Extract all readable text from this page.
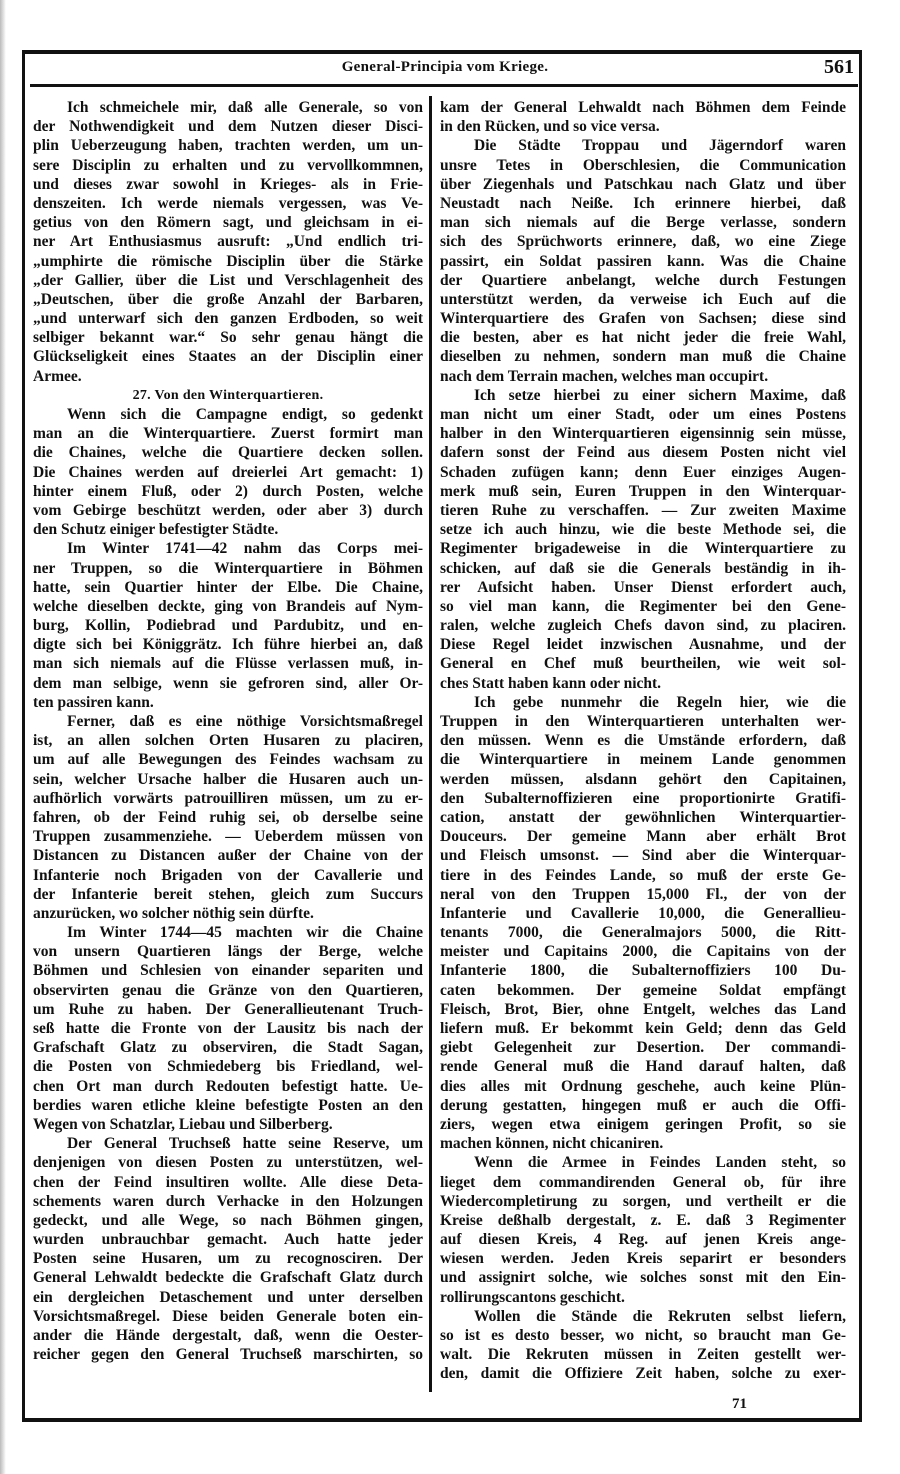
General-Principia vom Kriege.	561
Ich schmeichele mir, daß alle Generale, so von
der Nothwendigkeit und dem Nutzen dieser Disci-
plin Ueberzeugung haben, trachten werden, um un-
sere Disciplin zu erhalten und zu vervollkommnen,
und dieses zwar sowohl in Krieges- als in Frie-
denszeiten. Ich werde niemals vergessen, was Ve-
getius von den Römern sagt, und gleichsam in ei-
ner Art Enthusiasmus ausruft: „Und endlich tri-
„umphirte die römische Disciplin über die Stärke
„der Gallier, über die List und Verschlagenheit des
„Deutschen, über die große Anzahl der Barbaren,
„und unterwarf sich den ganzen Erdboden, so weit
selbiger bekannt war.“ So sehr genau hängt die
Glückseligkeit eines Staates an der Disciplin einer
Armee.
27. Von den Winterquartieren.
Wenn sich die Campagne endigt, so gedenkt
man an die Winterquartiere. Zuerst formirt man
die Chaines, welche die Quartiere decken sollen.
Die Chaines werden auf dreierlei Art gemacht: 1)
hinter einem Fluß, oder 2) durch Posten, welche
vom Gebirge beschützt werden, oder aber 3) durch
den Schutz einiger befestigter Städte.
Im Winter 1741—42 nahm das Corps mei-
ner Truppen, so die Winterquartiere in Böhmen
hatte, sein Quartier hinter der Elbe. Die Chaine,
welche dieselben deckte, ging von Brandeis auf Nym-
burg, Kollin, Podiebrad und Pardubitz, und en-
digte sich bei Königgrätz. Ich führe hierbei an, daß
man sich niemals auf die Flüsse verlassen muß, in-
dem man selbige, wenn sie gefroren sind, aller Or-
ten passiren kann.
Ferner, daß es eine nöthige Vorsichtsmaßregel
ist, an allen solchen Orten Husaren zu placiren,
um auf alle Bewegungen des Feindes wachsam zu
sein, welcher Ursache halber die Husaren auch un-
aufhörlich vorwärts patrouilliren müssen, um zu er-
fahren, ob der Feind ruhig sei, ob derselbe seine
Truppen zusammenziehe. — Ueberdem müssen von
Distancen zu Distancen außer der Chaine von der
Infanterie noch Brigaden von der Cavallerie und
der Infanterie bereit stehen, gleich zum Succurs
anzurücken, wo solcher nöthig sein dürfte.
Im Winter 1744—45 machten wir die Chaine
von unsern Quartieren längs der Berge, welche
Böhmen und Schlesien von einander separiten und
observirten genau die Gränze von den Quartieren,
um Ruhe zu haben. Der Generallieutenant Truch-
seß hatte die Fronte von der Lausitz bis nach der
Grafschaft Glatz zu observiren, die Stadt Sagan,
die Posten von Schmiedeberg bis Friedland, wel-
chen Ort man durch Redouten befestigt hatte. Ue-
berdies waren etliche kleine befestigte Posten an den
Wegen von Schatzlar, Liebau und Silberberg.
Der General Truchseß hatte seine Reserve, um
denjenigen von diesen Posten zu unterstützen, wel-
chen der Feind insultiren wollte. Alle diese Deta-
schements waren durch Verhacke in den Holzungen
gedeckt, und alle Wege, so nach Böhmen gingen,
wurden unbrauchbar gemacht. Auch hatte jeder
Posten seine Husaren, um zu recognosciren. Der
General Lehwaldt bedeckte die Grafschaft Glatz durch
ein dergleichen Detaschement und unter derselben
Vorsichtsmaßregel. Diese beiden Generale boten ein-
ander die Hände dergestalt, daß, wenn die Oester-
reicher gegen den General Truchseß marschirten, so
kam der General Lehwaldt nach Böhmen dem Feinde
in den Rücken, und so vice versa.
Die Städte Troppau und Jägerndorf waren
unsre Tetes in Oberschlesien, die Communication
über Ziegenhals und Patschkau nach Glatz und über
Neustadt nach Neiße. Ich erinnere hierbei, daß
man sich niemals auf die Berge verlasse, sondern
sich des Sprüchworts erinnere, daß, wo eine Ziege
passirt, ein Soldat passiren kann. Was die Chaine
der Quartiere anbelangt, welche durch Festungen
unterstützt werden, da verweise ich Euch auf die
Winterquartiere des Grafen von Sachsen; diese sind
die besten, aber es hat nicht jeder die freie Wahl,
dieselben zu nehmen, sondern man muß die Chaine
nach dem Terrain machen, welches man occupirt.
Ich setze hierbei zu einer sichern Maxime, daß
man nicht um einer Stadt, oder um eines Postens
halber in den Winterquartieren eigensinnig sein müsse,
dafern sonst der Feind aus diesem Posten nicht viel
Schaden zufügen kann; denn Euer einziges Augen-
merk muß sein, Euren Truppen in den Winterquar-
tieren Ruhe zu verschaffen. — Zur zweiten Maxime
setze ich auch hinzu, wie die beste Methode sei, die
Regimenter brigadeweise in die Winterquartiere zu
schicken, auf daß sie die Generals beständig in ih-
rer Aufsicht haben. Unser Dienst erfordert auch,
so viel man kann, die Regimenter bei den Gene-
ralen, welche zugleich Chefs davon sind, zu placiren.
Diese Regel leidet inzwischen Ausnahme, und der
General en Chef muß beurtheilen, wie weit sol-
ches Statt haben kann oder nicht.
Ich gebe nunmehr die Regeln hier, wie die
Truppen in den Winterquartieren unterhalten wer-
den müssen. Wenn es die Umstände erfordern, daß
die Winterquartiere in meinem Lande genommen
werden müssen, alsdann gehört den Capitainen,
den Subalternoffizieren eine proportionirte Gratifi-
cation, anstatt der gewöhnlichen Winterquartier-
Douceurs. Der gemeine Mann aber erhält Brot
und Fleisch umsonst. — Sind aber die Winterquar-
tiere in des Feindes Lande, so muß der erste Ge-
neral von den Truppen 15,000 Fl., der von der
Infanterie und Cavallerie 10,000, die Generallieu-
tenants 7000, die Generalmajors 5000, die Ritt-
meister und Capitains 2000, die Capitains von der
Infanterie 1800, die Subalternoffiziers 100 Du-
caten bekommen. Der gemeine Soldat empfängt
Fleisch, Brot, Bier, ohne Entgelt, welches das Land
liefern muß. Er bekommt kein Geld; denn das Geld
giebt Gelegenheit zur Desertion. Der commandi-
rende General muß die Hand darauf halten, daß
dies alles mit Ordnung geschehe, auch keine Plün-
derung gestatten, hingegen muß er auch die Offi-
ziers, wegen etwa einigem geringen Profit, so sie
machen können, nicht chicaniren.
Wenn die Armee in Feindes Landen steht, so
lieget dem commandirenden General ob, für ihre
Wiedercompletirung zu sorgen, und vertheilt er die
Kreise deßhalb dergestalt, z. E. daß 3 Regimenter
auf diesen Kreis, 4 Reg. auf jenen Kreis ange-
wiesen werden. Jeden Kreis separirt er besonders
und assignirt solche, wie solches sonst mit den Ein-
rollirungscantons geschicht.
Wollen die Stände die Rekruten selbst liefern,
so ist es desto besser, wo nicht, so braucht man Ge-
walt. Die Rekruten müssen in Zeiten gestellt wer-
den, damit die Offiziere Zeit haben, solche zu exer-
71
